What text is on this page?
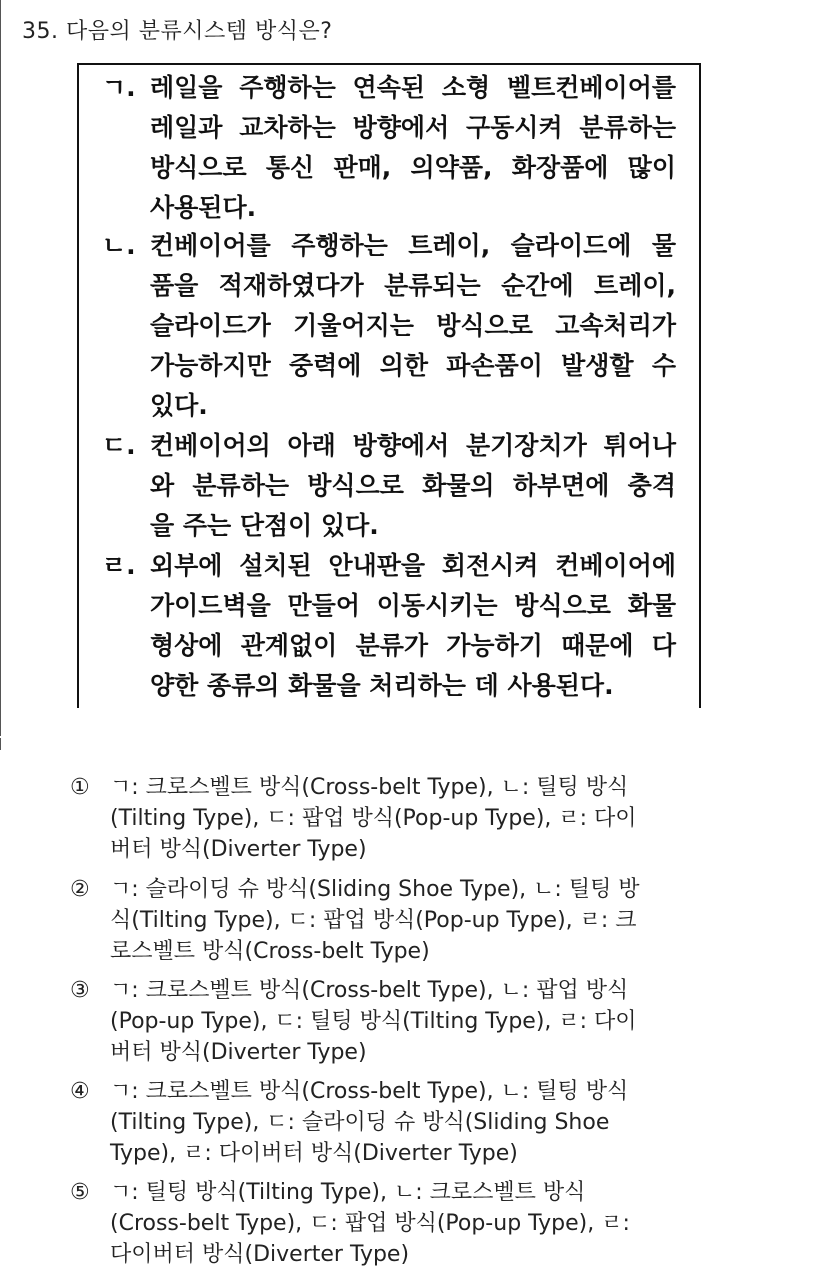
35. 다음의 분류시스템 방식은?
ㄱ. 레일을 주행하는 연속된 소형 벨트컨베이어를
레일과 교차하는 방향에서 구동시켜 분류하는
방식으로 통신 판매, 의약품, 화장품에 많이
사용된다.
ㄴ. 컨베이어를 주행하는 트레이, 슬라이드에 물
품을 적재하였다가 분류되는 순간에 트레이,
슬라이드가 기울어지는 방식으로 고속처리가
가능하지만 중력에 의한 파손품이 발생할 수
있다.
ㄷ. 컨베이어의 아래 방향에서 분기장치가 튀어나
와 분류하는 방식으로 화물의 하부면에 충격
을 주는 단점이 있다.
ㄹ. 외부에 설치된 안내판을 회전시켜 컨베이어에
가이드벽을 만들어 이동시키는 방식으로 화물
형상에 관계없이 분류가 가능하기 때문에 다
양한 종류의 화물을 처리하는 데 사용된다.
① ㄱ: 크로스벨트 방식(Cross-belt Type), ㄴ: 틸팅 방식
(Tilting Type), ㄷ: 팝업 방식(Pop-up Type), ㄹ: 다이
버터 방식(Diverter Type)
② ㄱ: 슬라이딩 슈 방식(Sliding Shoe Type), ㄴ: 틸팅 방
식(Tilting Type), ㄷ: 팝업 방식(Pop-up Type), ㄹ: 크
로스벨트 방식(Cross-belt Type)
③ ㄱ: 크로스벨트 방식(Cross-belt Type), ㄴ: 팝업 방식
(Pop-up Type), ㄷ: 틸팅 방식(Tilting Type), ㄹ: 다이
버터 방식(Diverter Type)
④ ㄱ: 크로스벨트 방식(Cross-belt Type), ㄴ: 틸팅 방식
(Tilting Type), ㄷ: 슬라이딩 슈 방식(Sliding Shoe
Type), ㄹ: 다이버터 방식(Diverter Type)
⑤ ㄱ: 틸팅 방식(Tilting Type), ㄴ: 크로스벨트 방식
(Cross-belt Type), ㄷ: 팝업 방식(Pop-up Type), ㄹ:
다이버터 방식(Diverter Type)
